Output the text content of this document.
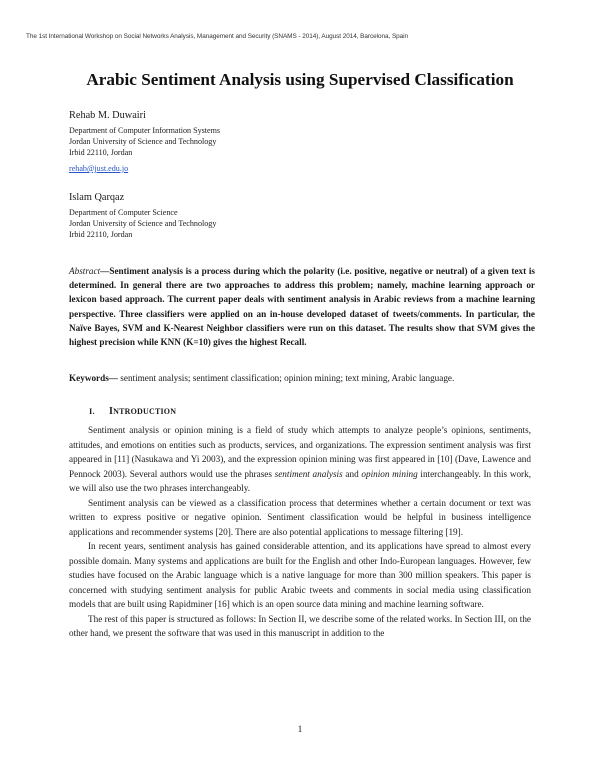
The 1st International Workshop on Social Networks Analysis, Management and Security (SNAMS - 2014), August 2014, Barcelona, Spain
Arabic Sentiment Analysis using Supervised Classification
Rehab M. Duwairi
Department of Computer Information Systems
Jordan University of Science and Technology
Irbid 22110, Jordan
rehab@just.edu.jo
Islam Qarqaz
Department of Computer Science
Jordan University of Science and Technology
Irbid 22110, Jordan
Abstract—Sentiment analysis is a process during which the polarity (i.e. positive, negative or neutral) of a given text is determined. In general there are two approaches to address this problem; namely, machine learning approach or lexicon based approach. The current paper deals with sentiment analysis in Arabic reviews from a machine learning perspective. Three classifiers were applied on an in-house developed dataset of tweets/comments. In particular, the Naïve Bayes, SVM and K-Nearest Neighbor classifiers were run on this dataset. The results show that SVM gives the highest precision while KNN (K=10) gives the highest Recall.
Keywords— sentiment analysis; sentiment classification; opinion mining; text mining, Arabic language.
I. INTRODUCTION

Sentiment analysis or opinion mining is a field of study which attempts to analyze people’s opinions, sentiments, attitudes, and emotions on entities such as products, services, and organizations. The expression sentiment analysis was first appeared in [11] (Nasukawa and Yi 2003), and the expression opinion mining was first appeared in [10] (Dave, Lawence and Pennock 2003). Several authors would use the phrases sentiment analysis and opinion mining interchangeably. In this work, we will also use the two phrases interchangeably.

Sentiment analysis can be viewed as a classification process that determines whether a certain document or text was written to express positive or negative opinion. Sentiment classification would be helpful in business intelligence applications and recommender systems [20]. There are also potential applications to message filtering [19].

In recent years, sentiment analysis has gained considerable attention, and its applications have spread to almost every possible domain. Many systems and applications are built for the English and other Indo-European languages. However, few studies have focused on the Arabic language which is a native language for more than 300 million speakers. This paper is concerned with studying sentiment analysis for public Arabic tweets and comments in social media using classification models that are built using Rapidminer [16] which is an open source data mining and machine learning software.

The rest of this paper is structured as follows: In Section II, we describe some of the related works. In Section III, on the other hand, we present the software that was used in this manuscript in addition to the

1
